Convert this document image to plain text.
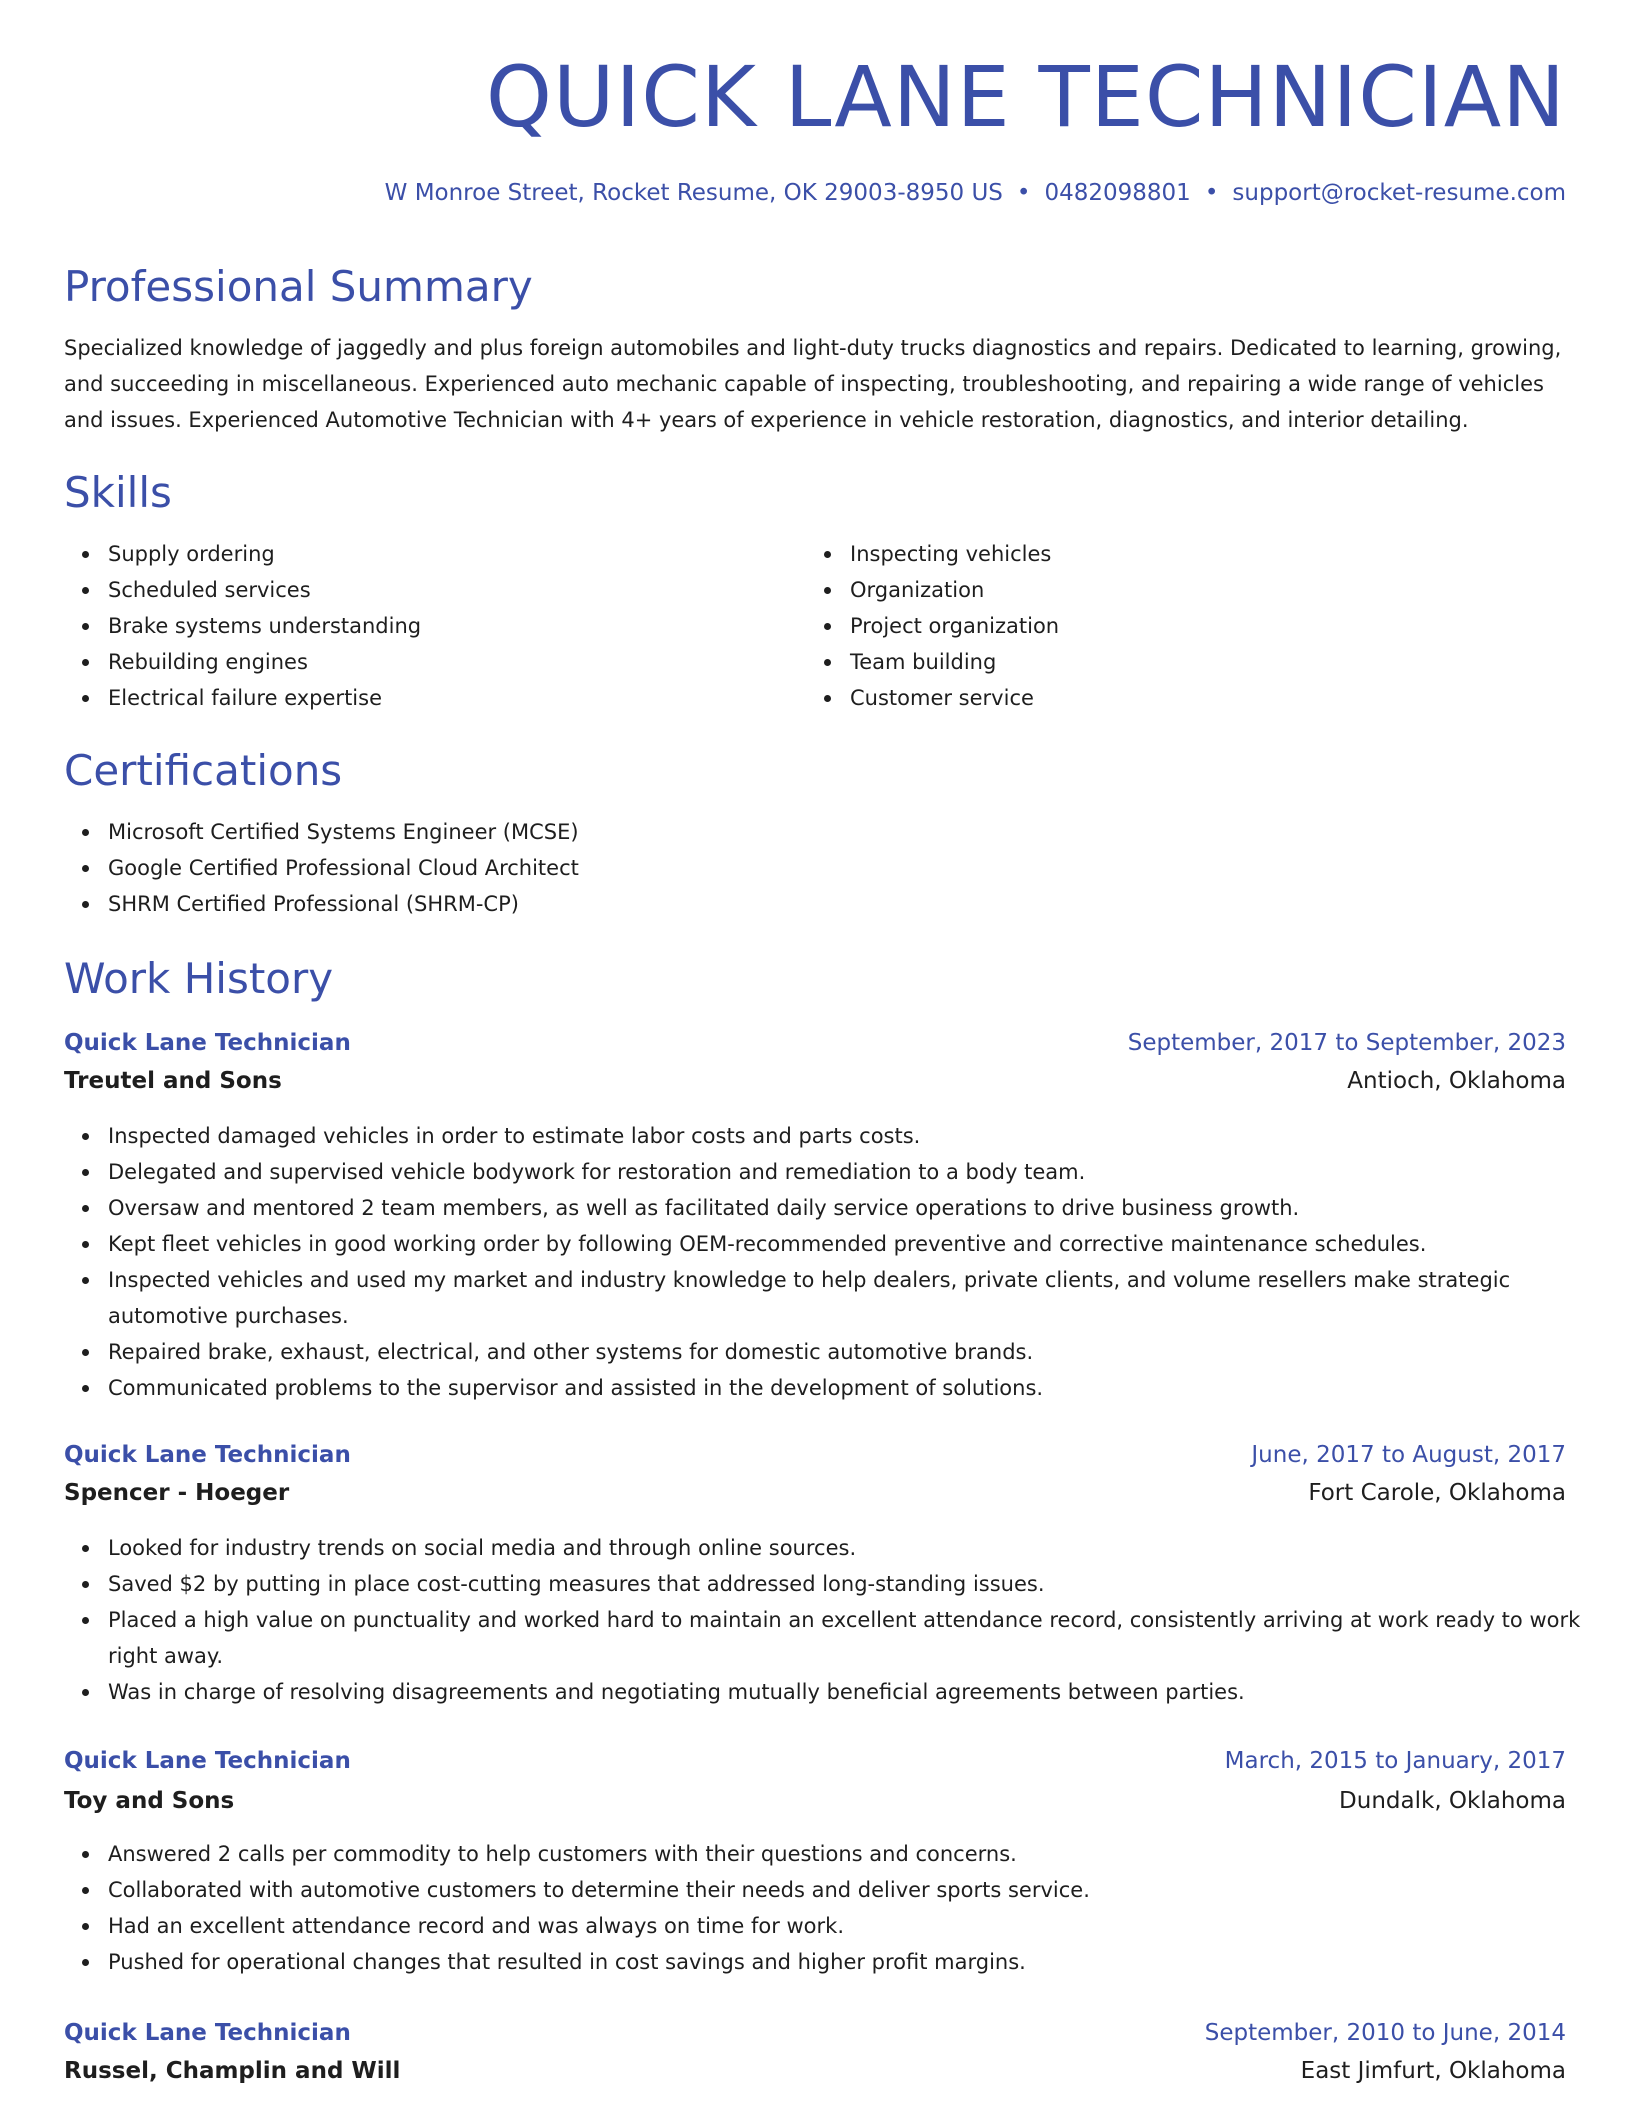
QUICK LANE TECHNICIAN
W Monroe Street, Rocket Resume, OK 29003-8950 US • 0482098801 • support@rocket-resume.com
Professional Summary
Specialized knowledge of jaggedly and plus foreign automobiles and light-duty trucks diagnostics and repairs. Dedicated to learning, growing, and succeeding in miscellaneous. Experienced auto mechanic capable of inspecting, troubleshooting, and repairing a wide range of vehicles and issues. Experienced Automotive Technician with 4+ years of experience in vehicle restoration, diagnostics, and interior detailing.
Skills
Supply ordering
Scheduled services
Brake systems understanding
Rebuilding engines
Electrical failure expertise
Inspecting vehicles
Organization
Project organization
Team building
Customer service
Certifications
Microsoft Certified Systems Engineer (MCSE)
Google Certified Professional Cloud Architect
SHRM Certified Professional (SHRM-CP)
Work History
Quick Lane Technician	September, 2017 to September, 2023
Treutel and Sons	Antioch, Oklahoma
Inspected damaged vehicles in order to estimate labor costs and parts costs.
Delegated and supervised vehicle bodywork for restoration and remediation to a body team.
Oversaw and mentored 2 team members, as well as facilitated daily service operations to drive business growth.
Kept fleet vehicles in good working order by following OEM-recommended preventive and corrective maintenance schedules.
Inspected vehicles and used my market and industry knowledge to help dealers, private clients, and volume resellers make strategic automotive purchases.
Repaired brake, exhaust, electrical, and other systems for domestic automotive brands.
Communicated problems to the supervisor and assisted in the development of solutions.
Quick Lane Technician	June, 2017 to August, 2017
Spencer - Hoeger	Fort Carole, Oklahoma
Looked for industry trends on social media and through online sources.
Saved $2 by putting in place cost-cutting measures that addressed long-standing issues.
Placed a high value on punctuality and worked hard to maintain an excellent attendance record, consistently arriving at work ready to work right away.
Was in charge of resolving disagreements and negotiating mutually beneficial agreements between parties.
Quick Lane Technician	March, 2015 to January, 2017
Toy and Sons	Dundalk, Oklahoma
Answered 2 calls per commodity to help customers with their questions and concerns.
Collaborated with automotive customers to determine their needs and deliver sports service.
Had an excellent attendance record and was always on time for work.
Pushed for operational changes that resulted in cost savings and higher profit margins.
Quick Lane Technician	September, 2010 to June, 2014
Russel, Champlin and Will	East Jimfurt, Oklahoma
